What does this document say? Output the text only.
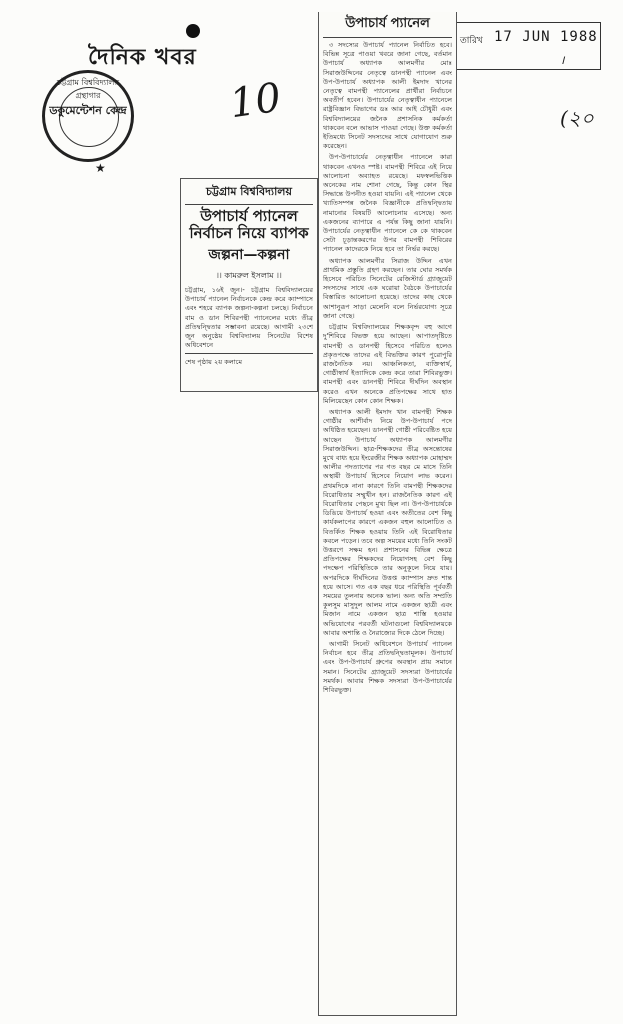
দৈনিক খবর
চট্টগ্রাম বিশ্ববিদ্যালয় গ্রন্থাগার
ডকুমেন্টেশন কেন্দ্র
★
10	(২০
তারিখ 17 JUN 1988
।
চট্টগ্রাম বিশ্ববিদ্যালয়
উপাচার্য প্যানেল নির্বাচন নিয়ে ব্যাপক
জল্পনা—কল্পনা
।। কামরুল ইসলাম ।।
চট্টগ্রাম, ১৬ই জুন।- চট্টগ্রাম বিশ্ববিদ্যালয়ের উপাচার্য প্যানেল নির্বাচনকে কেন্দ্র করে ক্যাম্পাসে এবং শহরে ব্যাপক জল্পনা-কল্পনা চলছে। নির্বাচনে বাম ও ডান শিবিরপন্থী প্যানেলের মধ্যে তীব্র প্রতিদ্বন্দ্বিতার সম্ভাবনা রয়েছে। আগামী ২৩শে জুন অনুষ্ঠেয় বিশ্ববিদ্যালয় সিনেটের বিশেষ অধিবেশনে
শেষ পৃষ্ঠায় ২য় কলামে
উপাচার্য প্যানেল

৩ সদস্যের উপাচার্য প্যানেল নির্বাচিত হবে। বিভিন্ন সূত্রে পাওয়া খবরে জানা গেছে, বর্তমান উপাচার্য অধ্যাপক আলমগীর মোঃ সিরাজউদ্দিনের নেতৃত্বে ডানপন্থী প্যানেল এবং উপ-উপাচার্য অধ্যাপক আলী ইমদাদ খানের নেতৃত্বে বামপন্থী প্যানেলের প্রার্থীরা নির্বাচনে অবতীর্ণ হবেন। উপাচার্যের নেতৃত্বাধীন প্যানেলে রাষ্ট্রবিজ্ঞান বিভাগের ডঃ আর আই চৌধুরী এবং বিশ্ববিদ্যালয়ের জনৈক প্রশাসনিক কর্মকর্তা থাকবেন বলে আভাস পাওয়া গেছে। উক্ত কর্মকর্তা ইতিমধ্যে সিনেট সদস্যদের সাথে যোগাযোগ শুরু করেছেন।

উপ-উপাচার্যের নেতৃত্বাধীন প্যানেলে কারা থাকবেন এখনও স্পষ্ট। বামপন্থী শিবিরে এই নিয়ে আলোচনা অব্যাহত রয়েছে। মফস্বলভিত্তিক অনেকের নাম শোনা গেছে, কিন্তু কোন স্থির সিদ্ধান্তে উপনীত হওয়া যায়নি। এই প্যানেল থেকে খ্যাতিসম্পন্ন জনৈক বিজ্ঞানীকে প্রতিদ্বন্দ্বিতায় নামানোর বিষয়টি আলোচনায় এসেছে। অন্য একজনের ব্যাপারে এ পর্যন্ত কিছু জানা যায়নি। উপাচার্যের নেতৃত্বাধীন প্যানেলে কে কে থাকবেন সেটা চূড়ান্তকরণের উপর বামপন্থী শিবিরের প্যানেল কাদেরকে নিয়ে হবে তা নির্ভর করছে।

অধ্যাপক আলমগীর সিরাজ উদ্দিন এখন প্রাথমিক প্রস্তুতি গ্রহণ করছেন। তার ঘোর সমর্থক হিসেবে পরিচিত সিনেটের রেজিস্টার্ড গ্র্যাজুয়েট সদস্যদের সাথে এক ঘরোয়া বৈঠকে উপাচার্যের বিস্তারিত আলোচনা হয়েছে। তাদের কাছ থেকে আশানুরূপ সাড়া মেলেনি বলে নির্ভরযোগ্য সূত্রে জানা গেছে।

চট্টগ্রাম বিশ্ববিদ্যালয়ের শিক্ষকবৃন্দ বহু আগে দু'শিবিরে বিভক্ত হয়ে আছেন। আপাতদৃষ্টিতে বামপন্থী ও ডানপন্থী হিসেবে পরিচিত হলেও প্রকৃতপক্ষে তাদের এই বিভক্তির কারণ পুরোপুরি রাজনৈতিক নয়। আঞ্চলিকতা, ব্যক্তিস্বার্থ, গোষ্ঠীস্বার্থ ইত্যাদিকে কেন্দ্র করে তারা শিবিরভুক্ত। বামপন্থী এবং ডানপন্থী শিবিরে দীর্ঘদিন অবস্থান করেও এখন অনেকে প্রতিপক্ষের সাথে হাত মিলিয়েছেন কোন কোন শিক্ষক।

অধ্যাপক আলী ইমদাদ খান বামপন্থী শিক্ষক গোষ্ঠীর আশীর্বাদ নিয়ে উপ-উপাচার্য পদে অধিষ্ঠিত হয়েছেন। ডানপন্থী গোষ্ঠী পরিবেষ্টিত হয়ে আছেন উপাচার্য অধ্যাপক আলমগীর সিরাজউদ্দিন। ছাত্র-শিক্ষকদের তীব্র অসন্তোষের মুখে বাধ্য হয়ে ইংরেজীর শিক্ষক অধ্যাপক মোহাম্মদ আলীর পদত্যাগের পর গত বছর মে মাসে তিনি অস্থায়ী উপাচার্য হিসেবে নিয়োগ লাভ করেন। প্রথমদিকে নানা কারণে তিনি বামপন্থী শিক্ষকদের বিরোধিতার সম্মুখীন হন। রাজনৈতিক কারণ এই বিরোধিতার পেছনে মুখ্য ছিল না। উপ-উপাচার্যকে ডিঙিয়ে উপাচার্য হওয়া এবং অতীতের বেশ কিছু কার্যকলাপের কারণে একজন বহুল আলোচিত ও বিতর্কিত শিক্ষক হওয়ায় তিনি এই বিরোধিতার কবলে পড়েন। তবে অল্প সময়ের মধ্যে তিনি সংকট উত্তরণে সক্ষম হন। প্রশাসনের বিভিন্ন ক্ষেত্রে প্রতিপক্ষের শিক্ষকদের নিয়োগসহ বেশ কিছু পদক্ষেপ পরিস্থিতিকে তার অনুকূলে নিয়ে যায়। অপরদিকে দীর্ঘদিনের উত্তপ্ত ক্যাম্পাস দ্রুত শান্ত হয়ে আসে। গত এক বছর ধরে পরিস্থিতি পূর্ববর্তী সময়ের তুলনায় অনেক ভাল। অন্য অতি সম্প্রতি কুলসুম মাসুদুল আলম নামে একজন ছাত্রী এবং মিজান নামে একজন ছাত্র শাস্তি হওয়ার অভিযোগের পরবর্তী ঘটনাগুলো বিশ্ববিদ্যালয়কে আবার অশান্তি ও নৈরাজ্যের দিকে ঠেলে দিচ্ছে।

আগামী সিনেট অধিবেশনে উপাচার্য প্যানেল নির্বাচন হবে তীব্র প্রতিদ্বন্দ্বিতামূলক। উপাচার্য এবং উপ-উপাচার্য গ্রুপের অবস্থান প্রায় সমানে সমান। সিনেটের গ্র্যাজুয়েট সদস্যরা উপাচার্যের সমর্থক। আবার শিক্ষক সদস্যরা উপ-উপাচার্যের শিবিরভুক্ত।
